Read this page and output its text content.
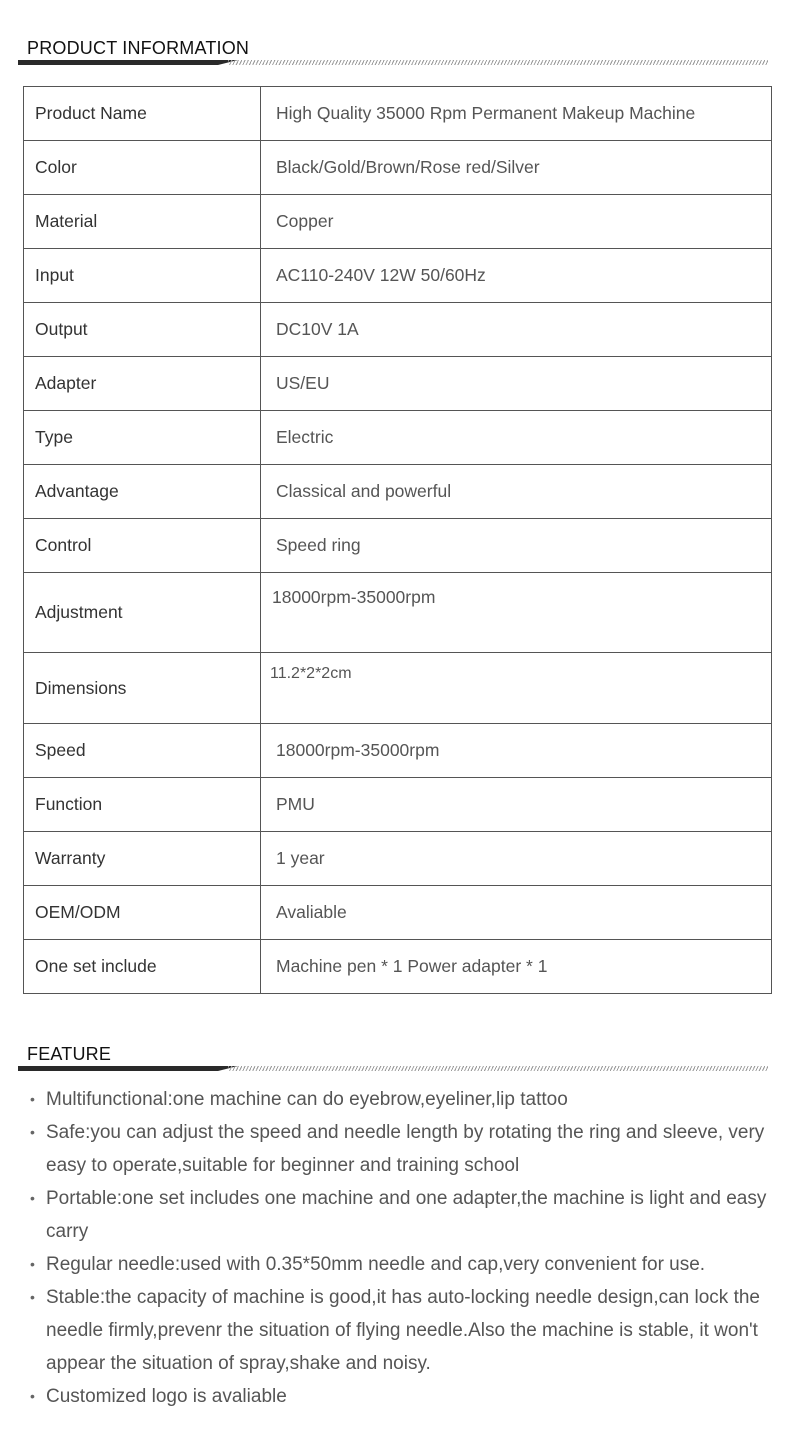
PRODUCT INFORMATION
Product Name	High Quality 35000 Rpm Permanent Makeup Machine
Color	Black/Gold/Brown/Rose red/Silver
Material	Copper
Input	AC110-240V 12W 50/60Hz
Output	DC10V 1A
Adapter	US/EU
Type	Electric
Advantage	Classical and powerful
Control	Speed ring
Adjustment	18000rpm-35000rpm
Dimensions	11.2*2*2cm
Speed	18000rpm-35000rpm
Function	PMU
Warranty	1 year
OEM/ODM	Avaliable
One set include	Machine pen * 1 Power adapter * 1
FEATURE
• Multifunctional:one machine can do eyebrow,eyeliner,lip tattoo
• Safe:you can adjust the speed and needle length by rotating the ring and sleeve, very easy to operate,suitable for beginner and training school
• Portable:one set includes one machine and one adapter,the machine is light and easy carry
• Regular needle:used with 0.35*50mm needle and cap,very convenient for use.
• Stable:the capacity of machine is good,it has auto-locking needle design,can lock the needle firmly,prevenr the situation of flying needle.Also the machine is stable, it won't appear the situation of spray,shake and noisy.
• Customized logo is avaliable
